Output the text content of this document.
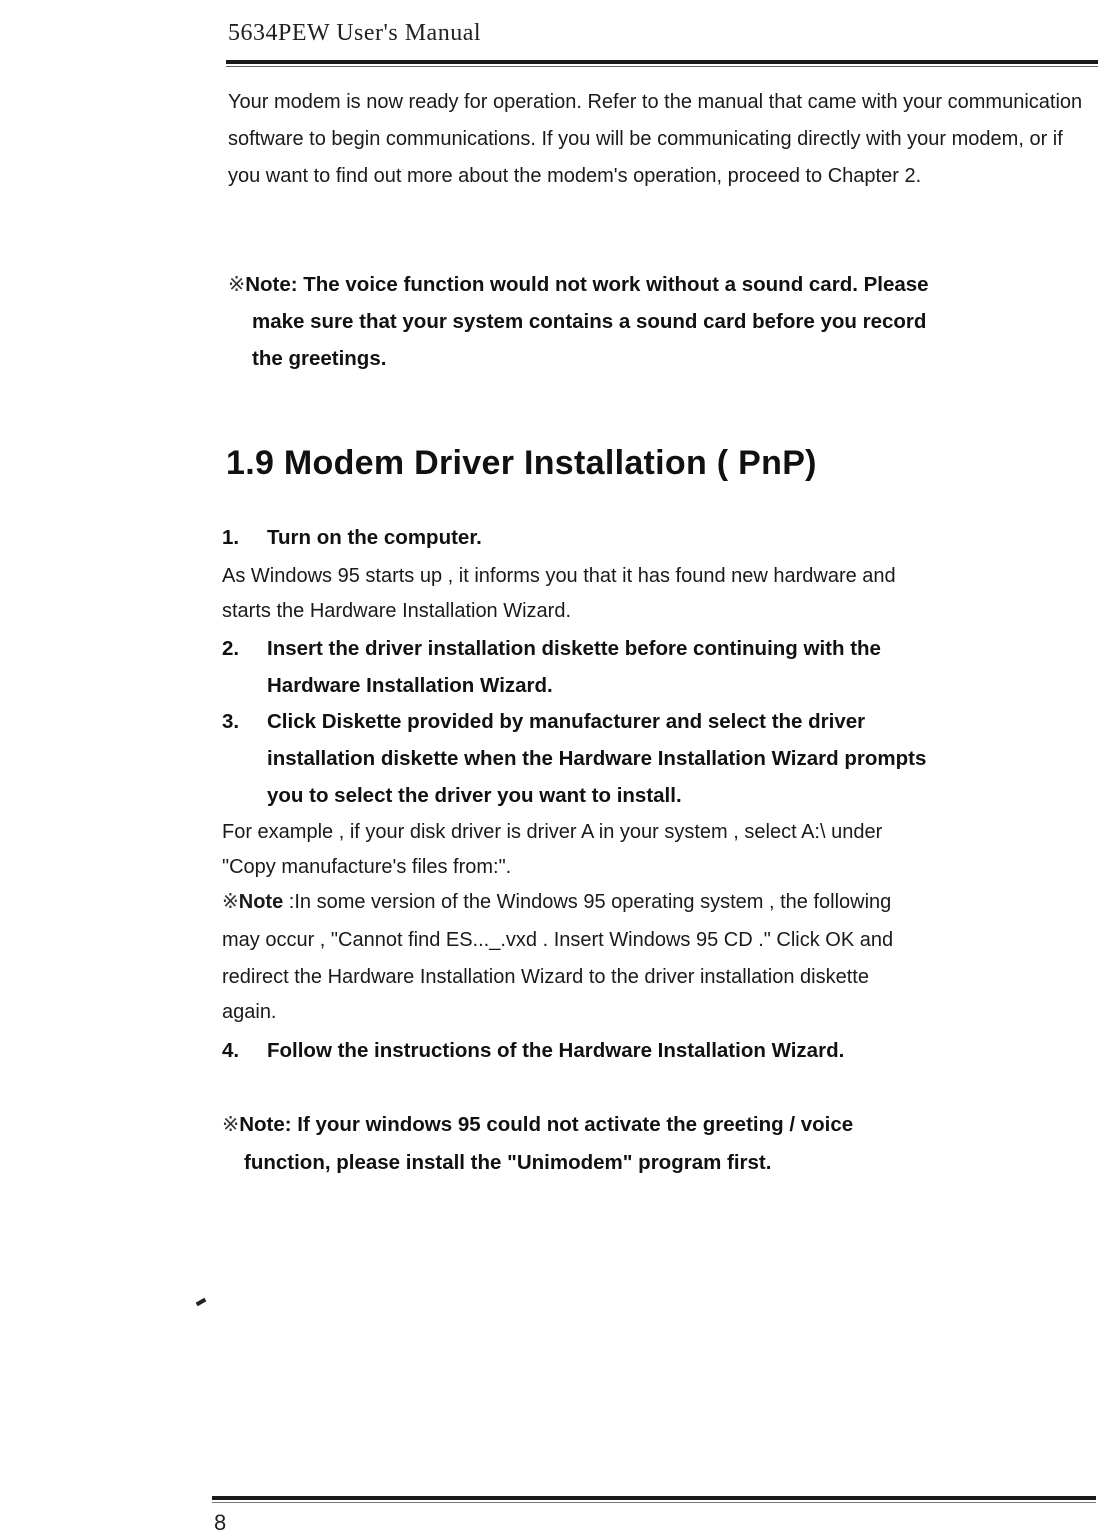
5634PEW User's Manual

Your modem is now ready for operation. Refer to the manual that came with your communication software to begin communications. If you will be communicating directly with your modem, or if you want to find out more about the modem's operation, proceed to Chapter 2.

※Note: The voice function would not work without a sound card. Please

make sure that your system contains a sound card before you record

the greetings.

1.9 Modem Driver Installation ( PnP)

1. Turn on the computer.

As Windows 95 starts up , it informs you that it has found new hardware and

starts the Hardware Installation Wizard.

2. Insert the driver installation diskette before continuing with the
Hardware Installation Wizard.

3. Click Diskette provided by manufacturer and select the driver
installation diskette when the Hardware Installation Wizard prompts
you to select the driver you want to install.

For example , if your disk driver is driver A in your system , select A:\ under

"Copy manufacture's files from:".

※Note :In some version of the Windows 95 operating system , the following

may occur , "Cannot find ES..._.vxd . Insert Windows 95 CD ." Click OK and

redirect the Hardware Installation Wizard to the driver installation diskette

again.

4. Follow the instructions of the Hardware Installation Wizard.

※Note: If your windows 95 could not activate the greeting / voice

function, please install the "Unimodem" program first.

8
